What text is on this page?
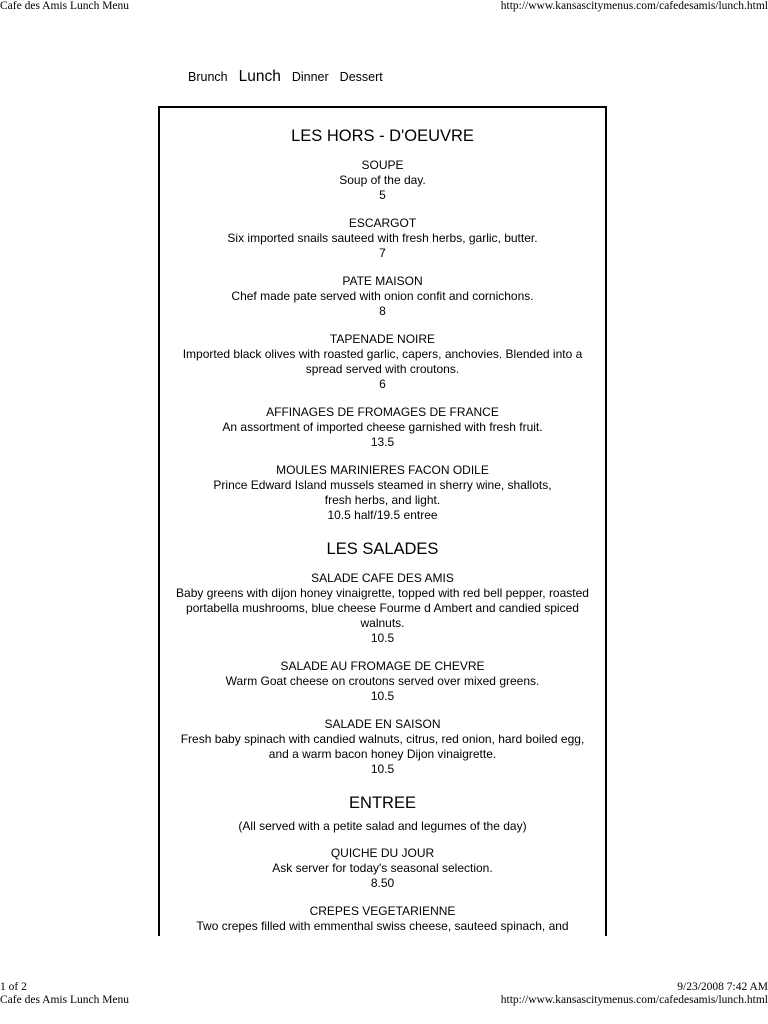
Cafe des Amis Lunch Menu	http://www.kansascitymenus.com/cafedesamis/lunch.html
Brunch Lunch Dinner Dessert
LES HORS - D'OEUVRE
SOUPE
Soup of the day.
5
ESCARGOT
Six imported snails sauteed with fresh herbs, garlic, butter.
7
PATE MAISON
Chef made pate served with onion confit and cornichons.
8
TAPENADE NOIRE
Imported black olives with roasted garlic, capers, anchovies. Blended into a spread served with croutons.
6
AFFINAGES DE FROMAGES DE FRANCE
An assortment of imported cheese garnished with fresh fruit.
13.5
MOULES MARINIERES FACON ODILE
Prince Edward Island mussels steamed in sherry wine, shallots,
fresh herbs, and light.
10.5 half/19.5 entree
LES SALADES
SALADE CAFE DES AMIS
Baby greens with dijon honey vinaigrette, topped with red bell pepper, roasted portabella mushrooms, blue cheese Fourme d Ambert and candied spiced walnuts.
10.5
SALADE AU FROMAGE DE CHEVRE
Warm Goat cheese on croutons served over mixed greens.
10.5
SALADE EN SAISON
Fresh baby spinach with candied walnuts, citrus, red onion, hard boiled egg, and a warm bacon honey Dijon vinaigrette.
10.5
ENTREE
(All served with a petite salad and legumes of the day)
QUICHE DU JOUR
Ask server for today's seasonal selection.
8.50
CREPES VEGETARIENNE
Two crepes filled with emmenthal swiss cheese, sauteed spinach, and
1 of 2	9/23/2008 7:42 AM
Cafe des Amis Lunch Menu	http://www.kansascitymenus.com/cafedesamis/lunch.html
